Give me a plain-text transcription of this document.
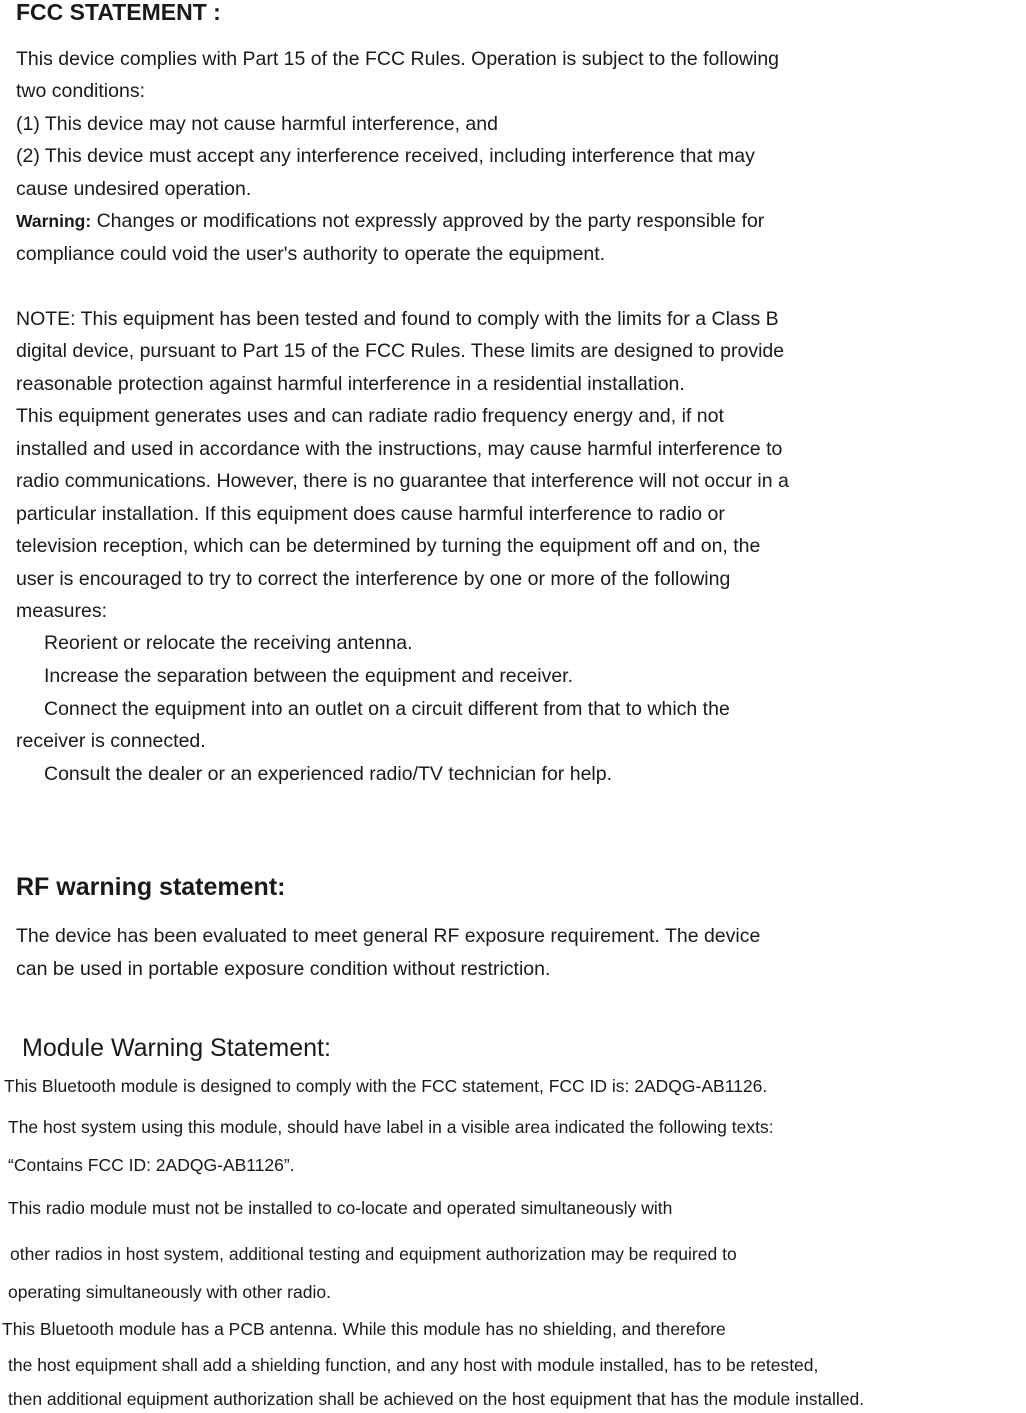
FCC STATEMENT :
This device complies with Part 15 of the FCC Rules. Operation is subject to the following
two conditions:
(1) This device may not cause harmful interference, and
(2) This device must accept any interference received, including interference that may
cause undesired operation.
Warning: Changes or modifications not expressly approved by the party responsible for
compliance could void the user's authority to operate the equipment.
NOTE: This equipment has been tested and found to comply with the limits for a Class B
digital device, pursuant to Part 15 of the FCC Rules. These limits are designed to provide
reasonable protection against harmful interference in a residential installation.
This equipment generates uses and can radiate radio frequency energy and, if not
installed and used in accordance with the instructions, may cause harmful interference to
radio communications. However, there is no guarantee that interference will not occur in a
particular installation. If this equipment does cause harmful interference to radio or
television reception, which can be determined by turning the equipment off and on, the
user is encouraged to try to correct the interference by one or more of the following
measures:
Reorient or relocate the receiving antenna.
Increase the separation between the equipment and receiver.
Connect the equipment into an outlet on a circuit different from that to which the
receiver is connected.
Consult the dealer or an experienced radio/TV technician for help.
RF warning statement:
The device has been evaluated to meet general RF exposure requirement. The device
can be used in portable exposure condition without restriction.
Module Warning Statement:
This Bluetooth module is designed to comply with the FCC statement, FCC ID is: 2ADQG-AB1126.
The host system using this module, should have label in a visible area indicated the following texts:
“Contains FCC ID: 2ADQG-AB1126”.
This radio module must not be installed to co-locate and operated simultaneously with
other radios in host system, additional testing and equipment authorization may be required to
operating simultaneously with other radio.
This Bluetooth module has a PCB antenna. While this module has no shielding, and therefore
the host equipment shall add a shielding function, and any host with module installed, has to be retested,
then additional equipment authorization shall be achieved on the host equipment that has the module installed.
